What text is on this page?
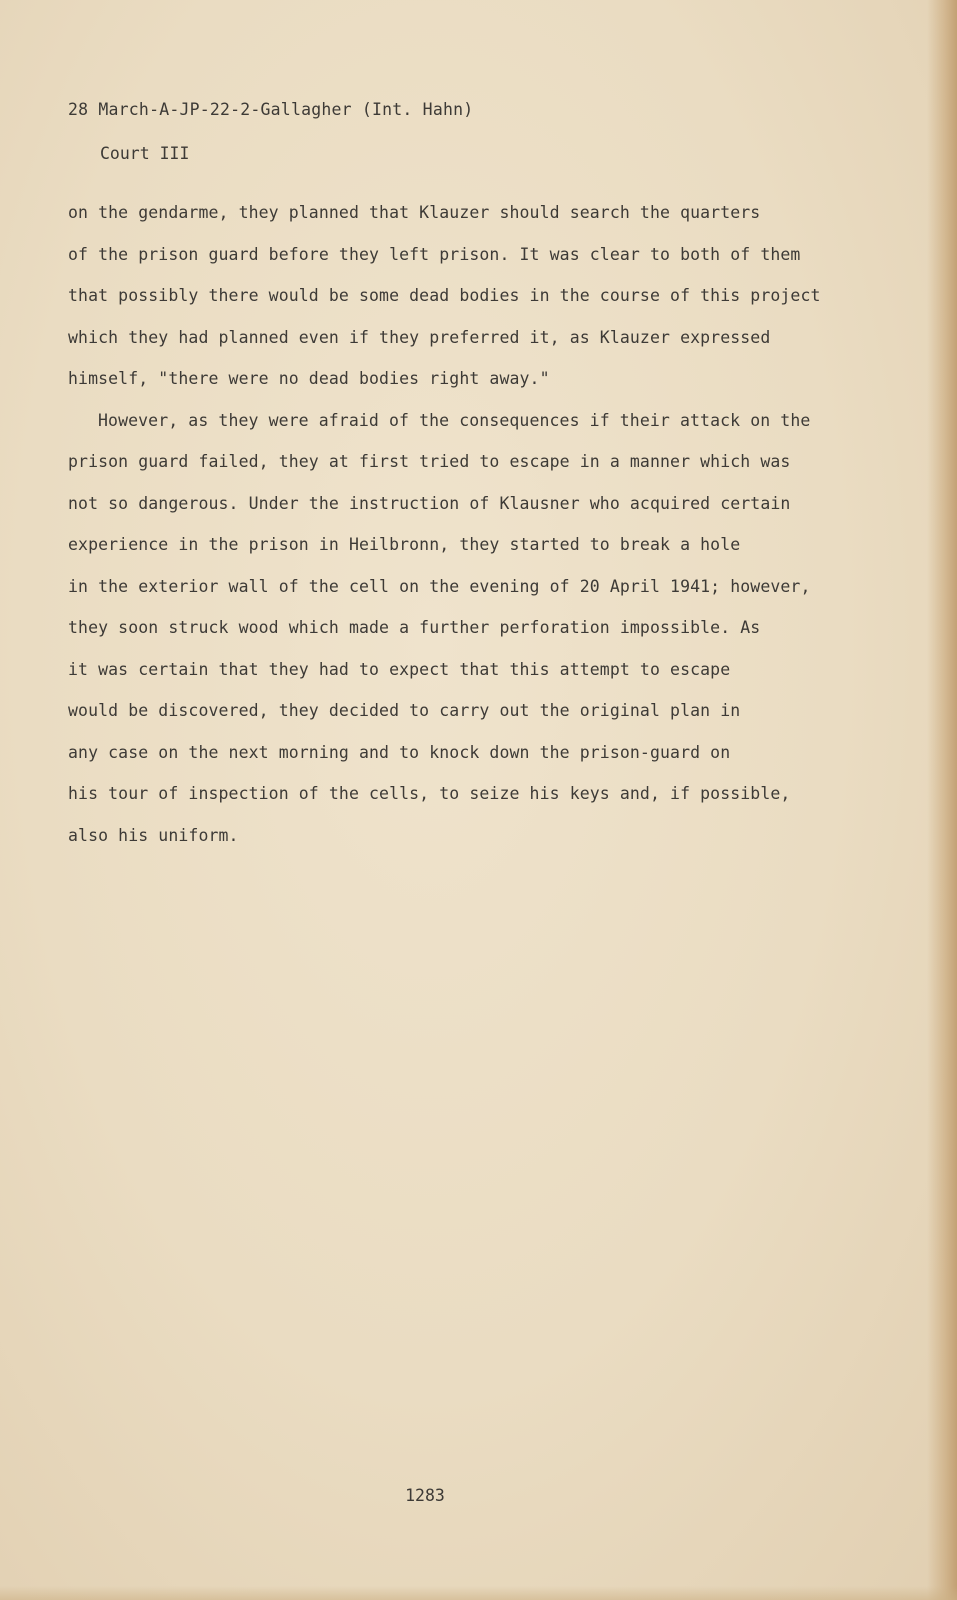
28 March-A-JP-22-2-Gallagher (Int. Hahn)
Court III
on the gendarme, they planned that Klauzer should search the quarters
of the prison guard before they left prison. It was clear to both of them
that possibly there would be some dead bodies in the course of this project
which they had planned even if they preferred it, as Klauzer expressed
himself, "there were no dead bodies right away."
However, as they were afraid of the consequences if their attack on the
prison guard failed, they at first tried to escape in a manner which was
not so dangerous. Under the instruction of Klausner who acquired certain
experience in the prison in Heilbronn, they started to break a hole
in the exterior wall of the cell on the evening of 20 April 1941; however,
they soon struck wood which made a further perforation impossible. As
it was certain that they had to expect that this attempt to escape
would be discovered, they decided to carry out the original plan in
any case on the next morning and to knock down the prison-guard on
his tour of inspection of the cells, to seize his keys and, if possible,
also his uniform.
1283
